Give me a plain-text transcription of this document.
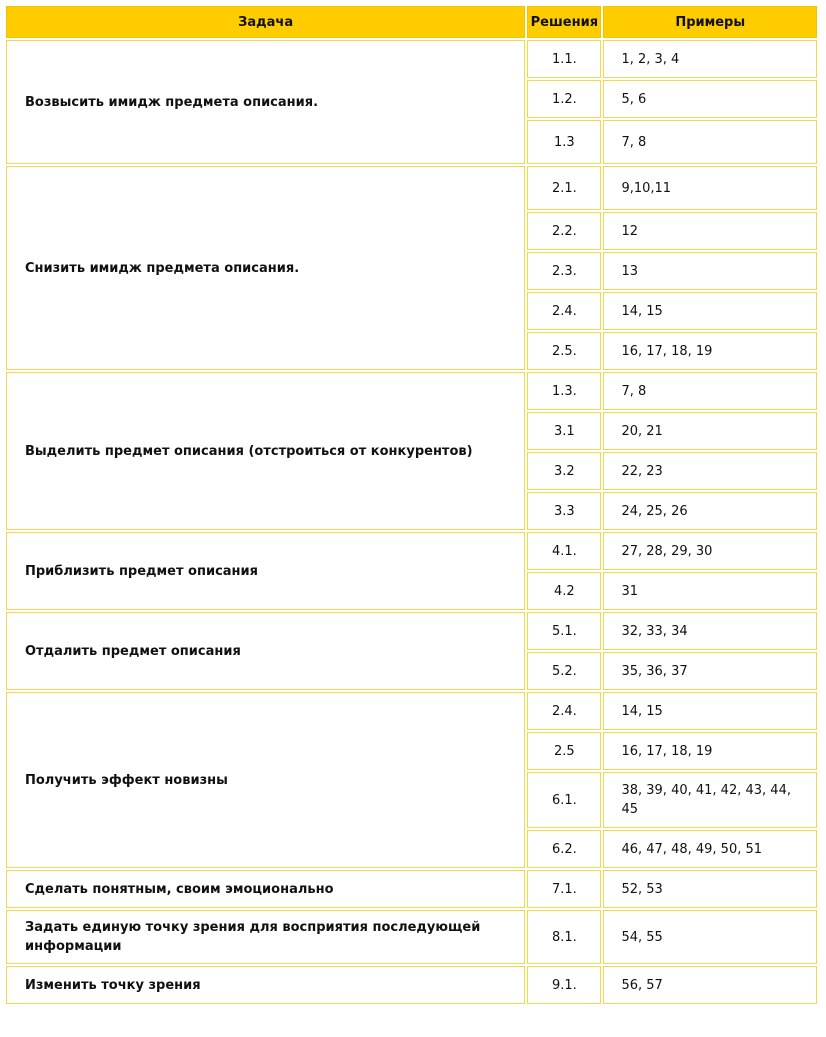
Задача	Решения	Примеры
Возвысить имидж предмета описания.	1.1.	1, 2, 3, 4
	1.2.	5, 6
	1.3	7, 8
Снизить имидж предмета описания.	2.1.	9,10,11
	2.2.	12
	2.3.	13
	2.4.	14, 15
	2.5.	16, 17, 18, 19
Выделить предмет описания (отстроиться от конкурентов)	1.3.	7, 8
	3.1	20, 21
	3.2	22, 23
	3.3	24, 25, 26
Приблизить предмет описания	4.1.	27, 28, 29, 30
	4.2	31
Отдалить предмет описания	5.1.	32, 33, 34
	5.2.	35, 36, 37
Получить эффект новизны	2.4.	14, 15
	2.5	16, 17, 18, 19
	6.1.	38, 39, 40, 41, 42, 43, 44, 45
	6.2.	46, 47, 48, 49, 50, 51
Сделать понятным, своим эмоционально	7.1.	52, 53
Задать единую точку зрения для восприятия последующей информации	8.1.	54, 55
Изменить точку зрения	9.1.	56, 57
